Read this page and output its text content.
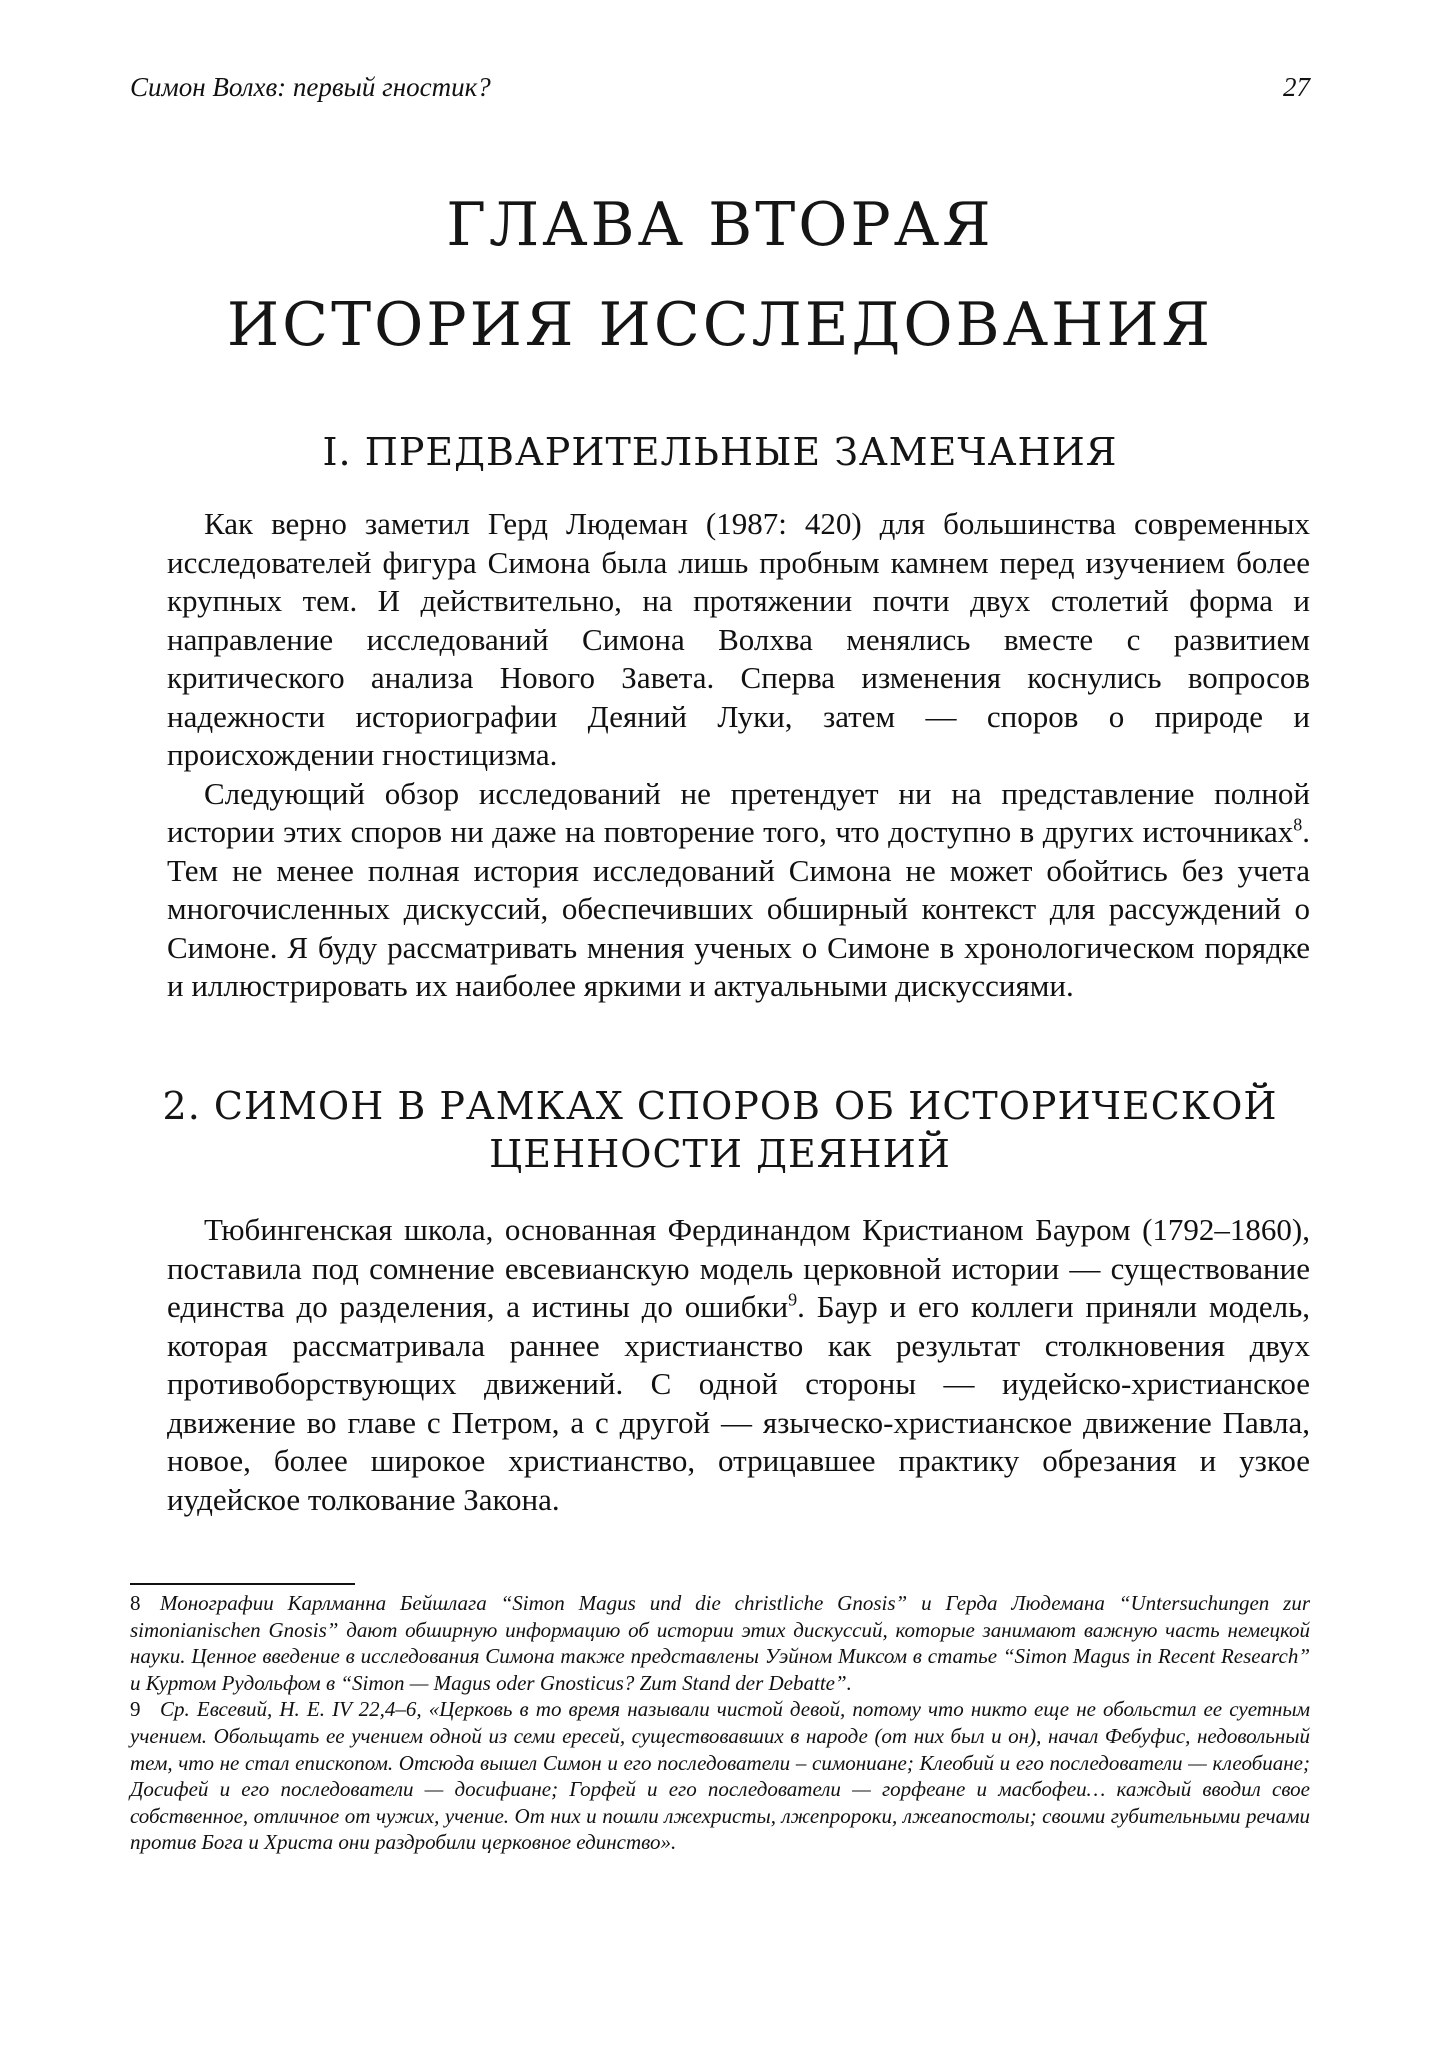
Симон Волхв: первый гностик?	27
ГЛАВА ВТОРАЯ
ИСТОРИЯ ИССЛЕДОВАНИЯ
I. ПРЕДВАРИТЕЛЬНЫЕ ЗАМЕЧАНИЯ

Как верно заметил Герд Людеман (1987: 420) для большинства современных исследователей фигура Симона была лишь пробным камнем перед изучением более крупных тем. И действительно, на протяжении почти двух столетий форма и направление исследований Симона Волхва менялись вместе с развитием критического анализа Нового Завета. Сперва изменения коснулись вопросов надежности историографии Деяний Луки, затем — споров о природе и происхождении гностицизма.

Следующий обзор исследований не претендует ни на представление полной истории этих споров ни даже на повторение того, что доступно в других источниках$^8$. Тем не менее полная история исследований Симона не может обойтись без учета многочисленных дискуссий, обеспечивших обширный контекст для рассуждений о Симоне. Я буду рассматривать мнения ученых о Симоне в хронологическом порядке и иллюстрировать их наиболее яркими и актуальными дискуссиями.

2. СИМОН В РАМКАХ СПОРОВ ОБ ИСТОРИЧЕСКОЙ
ЦЕННОСТИ ДЕЯНИЙ

Тюбингенская школа, основанная Фердинандом Кристианом Бауром (1792–1860), поставила под сомнение евсевианскую модель церковной истории — существование единства до разделения, а истины до ошибки$^9$. Баур и его коллеги приняли модель, которая рассматривала раннее христианство как результат столкновения двух противоборствующих движений. С одной стороны — иудейско-христианское движение во главе с Петром, а с другой — языческо-христианское движение Павла, новое, более широкое христианство, отрицавшее практику обрезания и узкое иудейское толкование Закона.

8 Монографии Карлманна Бейшлага “Simon Magus und die christliche Gnosis” и Герда Людемана “Untersuchungen zur simonianischen Gnosis” дают обширную информацию об истории этих дискуссий, которые занимают важную часть немецкой науки. Ценное введение в исследования Симона также представлены Уэйном Миксом в статье “Simon Magus in Recent Research” и Куртом Рудольфом в “Simon — Magus oder Gnosticus? Zum Stand der Debatte”.

9 Ср. Евсевий, Н. Е. IV 22,4–6, «Церковь в то время называли чистой девой, потому что никто еще не обольстил ее суетным учением. Обольщать ее учением одной из семи ересей, существовавших в народе (от них был и он), начал Фебуфис, недовольный тем, что не стал епископом. Отсюда вышел Симон и его последователи – симониане; Клеобий и его последователи — клеобиане; Досифей и его последователи — досифиане; Горфей и его последователи — горфеане и масбофеи… каждый вводил свое собственное, отличное от чужих, учение. От них и пошли лжехристы, лжепророки, лжеапостолы; своими губительными речами против Бога и Христа они раздробили церковное единство».
